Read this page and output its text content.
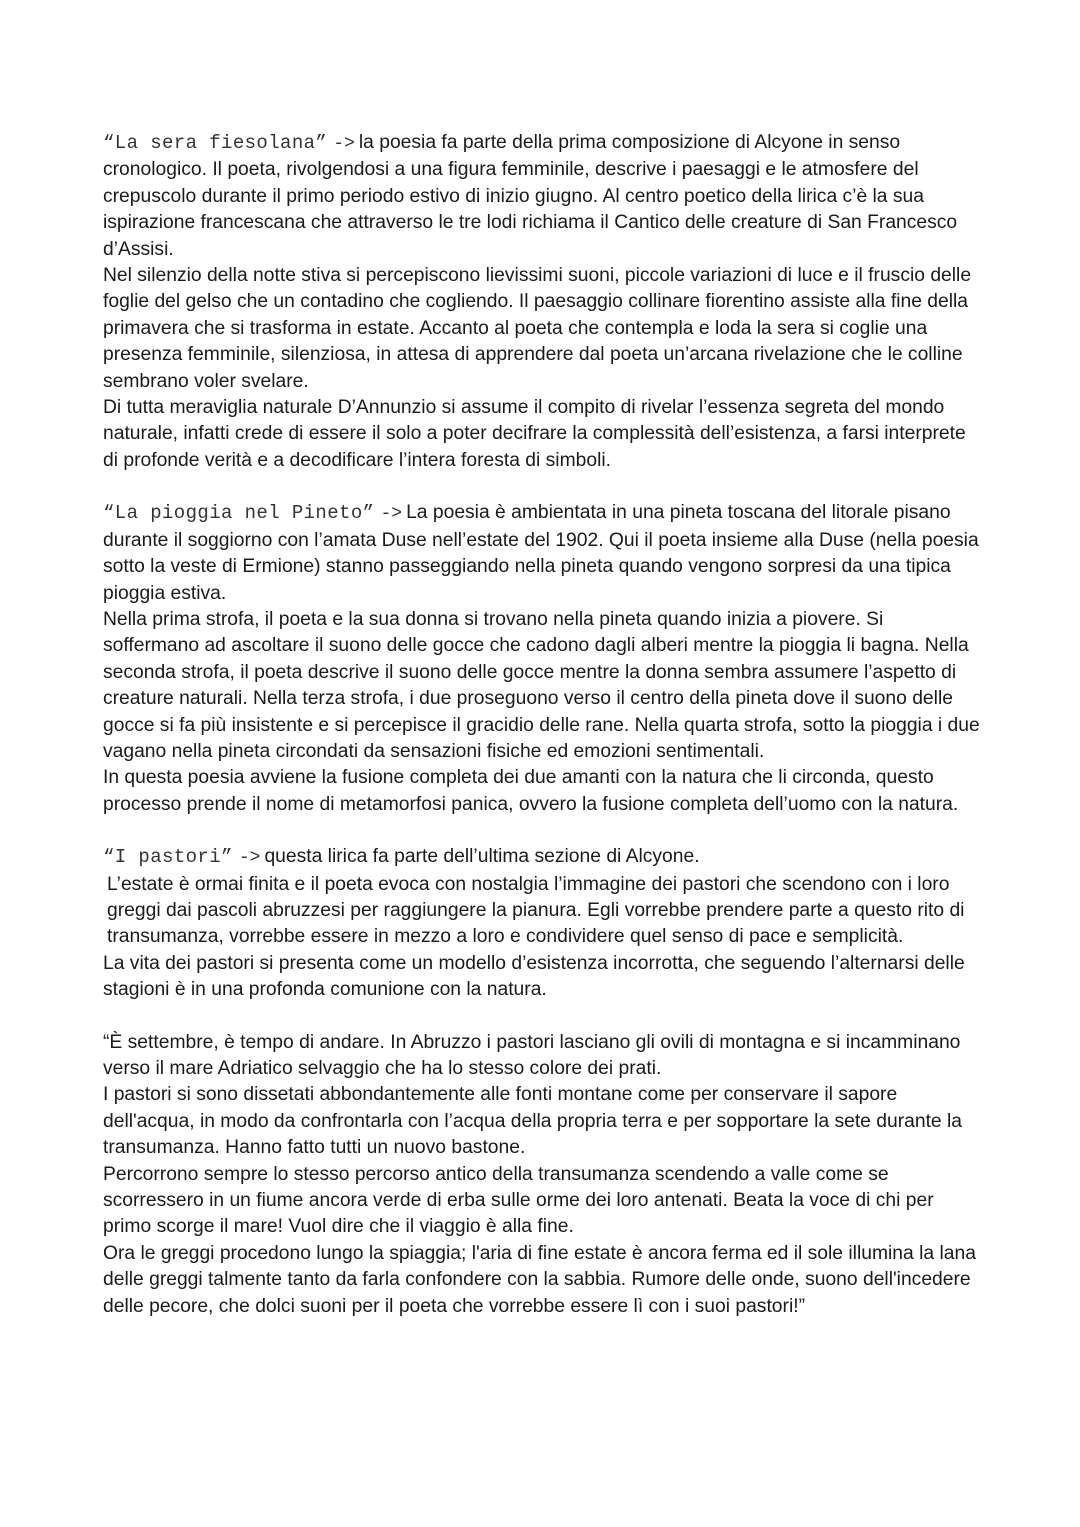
“La sera fiesolana” -> la poesia fa parte della prima composizione di Alcyone in senso cronologico. Il poeta, rivolgendosi a una figura femminile, descrive i paesaggi e le atmosfere del crepuscolo durante il primo periodo estivo di inizio giugno. Al centro poetico della lirica c’è la sua ispirazione francescana che attraverso le tre lodi richiama il Cantico delle creature di San Francesco d’Assisi.

Nel silenzio della notte stiva si percepiscono lievissimi suoni, piccole variazioni di luce e il fruscio delle foglie del gelso che un contadino che cogliendo. Il paesaggio collinare fiorentino assiste alla fine della primavera che si trasforma in estate. Accanto al poeta che contempla e loda la sera si coglie una presenza femminile, silenziosa, in attesa di apprendere dal poeta un’arcana rivelazione che le colline sembrano voler svelare.

Di tutta meraviglia naturale D’Annunzio si assume il compito di rivelar l’essenza segreta del mondo naturale, infatti crede di essere il solo a poter decifrare la complessità dell’esistenza, a farsi interprete di profonde verità e a decodificare l’intera foresta di simboli.

“La pioggia nel Pineto” -> La poesia è ambientata in una pineta toscana del litorale pisano durante il soggiorno con l’amata Duse nell’estate del 1902. Qui il poeta insieme alla Duse (nella poesia sotto la veste di Ermione) stanno passeggiando nella pineta quando vengono sorpresi da una tipica pioggia estiva.

Nella prima strofa, il poeta e la sua donna si trovano nella pineta quando inizia a piovere. Si soffermano ad ascoltare il suono delle gocce che cadono dagli alberi mentre la pioggia li bagna. Nella seconda strofa, il poeta descrive il suono delle gocce mentre la donna sembra assumere l’aspetto di creature naturali. Nella terza strofa, i due proseguono verso il centro della pineta dove il suono delle gocce si fa più insistente e si percepisce il gracidio delle rane. Nella quarta strofa, sotto la pioggia i due vagano nella pineta circondati da sensazioni fisiche ed emozioni sentimentali.

In questa poesia avviene la fusione completa dei due amanti con la natura che li circonda, questo processo prende il nome di metamorfosi panica, ovvero la fusione completa dell’uomo con la natura.

“I pastori” -> questa lirica fa parte dell’ultima sezione di Alcyone.

L’estate è ormai finita e il poeta evoca con nostalgia l’immagine dei pastori che scendono con i loro greggi dai pascoli abruzzesi per raggiungere la pianura. Egli vorrebbe prendere parte a questo rito di transumanza, vorrebbe essere in mezzo a loro e condividere quel senso di pace e semplicità.

La vita dei pastori si presenta come un modello d’esistenza incorrotta, che seguendo l’alternarsi delle stagioni è in una profonda comunione con la natura.

“È settembre, è tempo di andare. In Abruzzo i pastori lasciano gli ovili di montagna e si incamminano verso il mare Adriatico selvaggio che ha lo stesso colore dei prati.

I pastori si sono dissetati abbondantemente alle fonti montane come per conservare il sapore dell'acqua, in modo da confrontarla con l’acqua della propria terra e per sopportare la sete durante la transumanza. Hanno fatto tutti un nuovo bastone.

Percorrono sempre lo stesso percorso antico della transumanza scendendo a valle come se scorressero in un fiume ancora verde di erba sulle orme dei loro antenati. Beata la voce di chi per primo scorge il mare! Vuol dire che il viaggio è alla fine.

Ora le greggi procedono lungo la spiaggia; l'aria di fine estate è ancora ferma ed il sole illumina la lana delle greggi talmente tanto da farla confondere con la sabbia. Rumore delle onde, suono dell'incedere delle pecore, che dolci suoni per il poeta che vorrebbe essere lì con i suoi pastori!”
